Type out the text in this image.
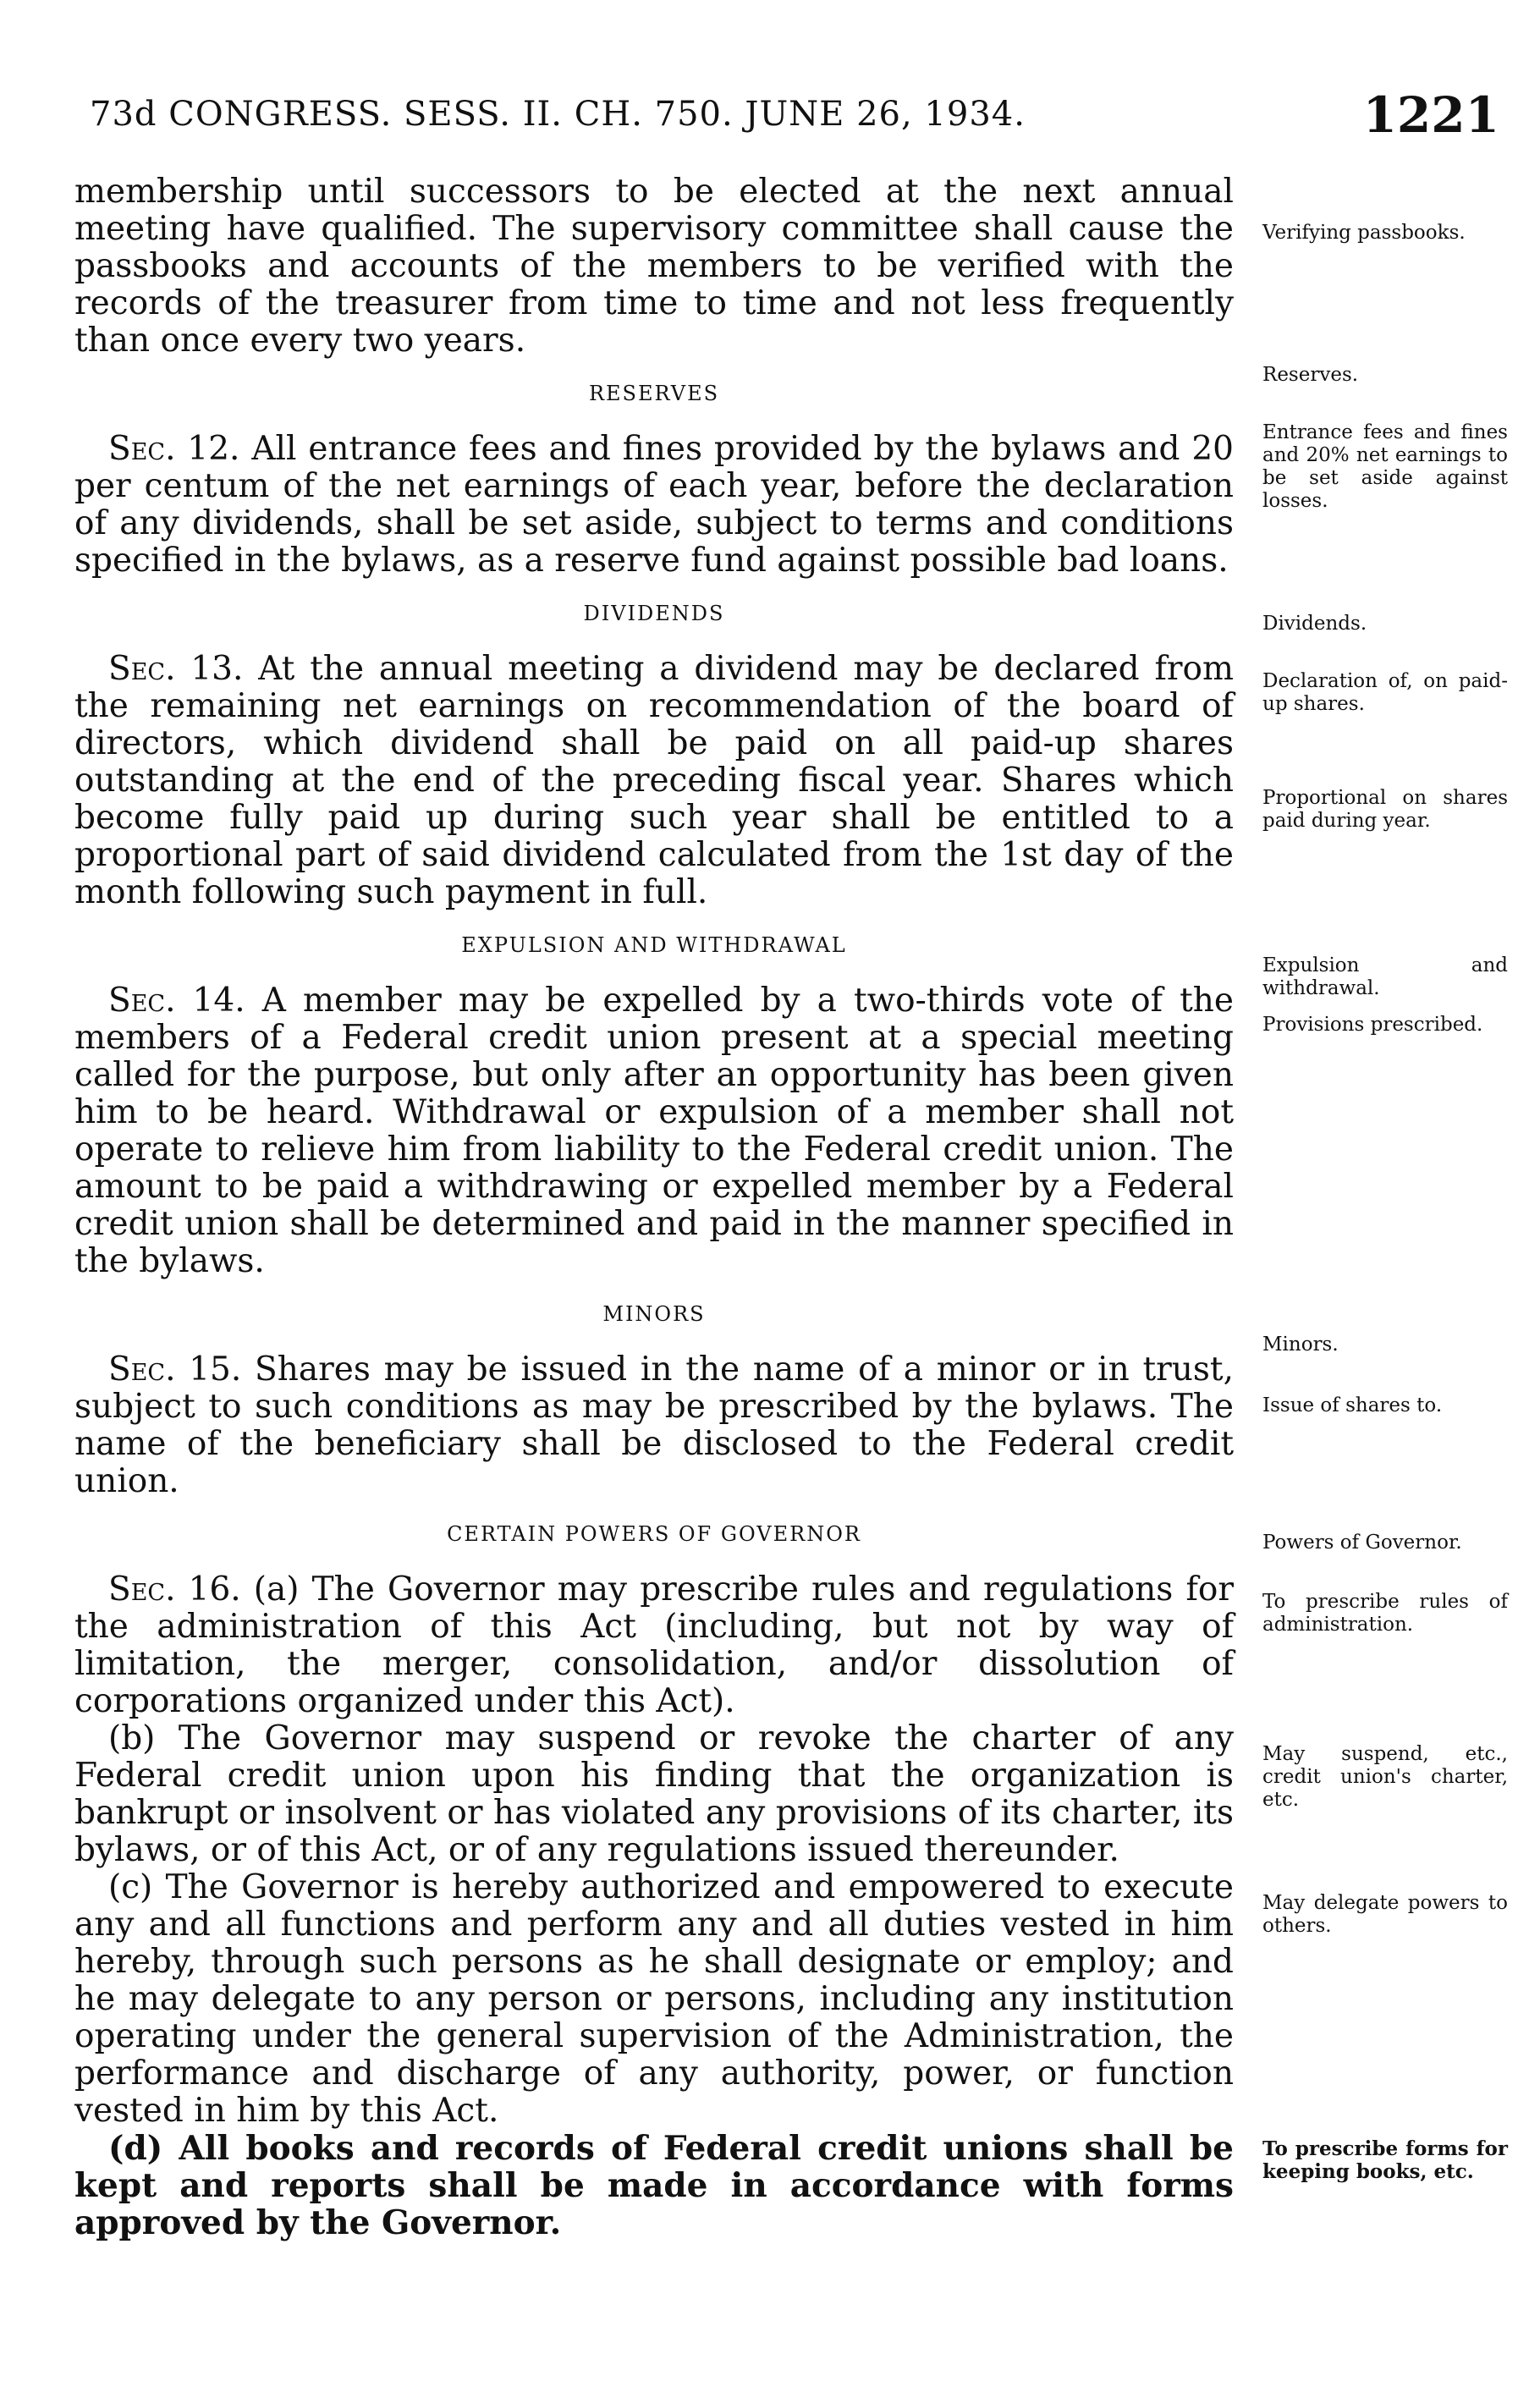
73d CONGRESS. SESS. II. CH. 750. JUNE 26, 1934.	1221

membership until successors to be elected at the next annual meeting have qualified. The supervisory committee shall cause the passbooks and accounts of the members to be verified with the records of the treasurer from time to time and not less frequently than once every two years.

RESERVES

Sec. 12. All entrance fees and fines provided by the bylaws and 20 per centum of the net earnings of each year, before the declaration of any dividends, shall be set aside, subject to terms and conditions specified in the bylaws, as a reserve fund against possible bad loans.

DIVIDENDS

Sec. 13. At the annual meeting a dividend may be declared from the remaining net earnings on recommendation of the board of directors, which dividend shall be paid on all paid-up shares outstanding at the end of the preceding fiscal year. Shares which become fully paid up during such year shall be entitled to a proportional part of said dividend calculated from the 1st day of the month following such payment in full.

EXPULSION AND WITHDRAWAL

Sec. 14. A member may be expelled by a two-thirds vote of the members of a Federal credit union present at a special meeting called for the purpose, but only after an opportunity has been given him to be heard. Withdrawal or expulsion of a member shall not operate to relieve him from liability to the Federal credit union. The amount to be paid a withdrawing or expelled member by a Federal credit union shall be determined and paid in the manner specified in the bylaws.

MINORS

Sec. 15. Shares may be issued in the name of a minor or in trust, subject to such conditions as may be prescribed by the bylaws. The name of the beneficiary shall be disclosed to the Federal credit union.

CERTAIN POWERS OF GOVERNOR

Sec. 16. (a) The Governor may prescribe rules and regulations for the administration of this Act (including, but not by way of limitation, the merger, consolidation, and/or dissolution of corporations organized under this Act).

(b) The Governor may suspend or revoke the charter of any Federal credit union upon his finding that the organization is bankrupt or insolvent or has violated any provisions of its charter, its bylaws, or of this Act, or of any regulations issued thereunder.

(c) The Governor is hereby authorized and empowered to execute any and all functions and perform any and all duties vested in him hereby, through such persons as he shall designate or employ; and he may delegate to any person or persons, including any institution operating under the general supervision of the Administration, the performance and discharge of any authority, power, or function vested in him by this Act.

(d) All books and records of Federal credit unions shall be kept and reports shall be made in accordance with forms approved by the Governor.

Verifying passbooks.
Reserves.
Entrance fees and fines and 20% net earnings to be set aside against losses.
Dividends.
Declaration of, on paid-up shares.
Proportional on shares paid during year.
Expulsion and withdrawal.
Provisions prescribed.
Minors.
Issue of shares to.
Powers of Governor.
To prescribe rules of administration.
May suspend, etc., credit union's charter, etc.
May delegate powers to others.
To prescribe forms for keeping books, etc.
